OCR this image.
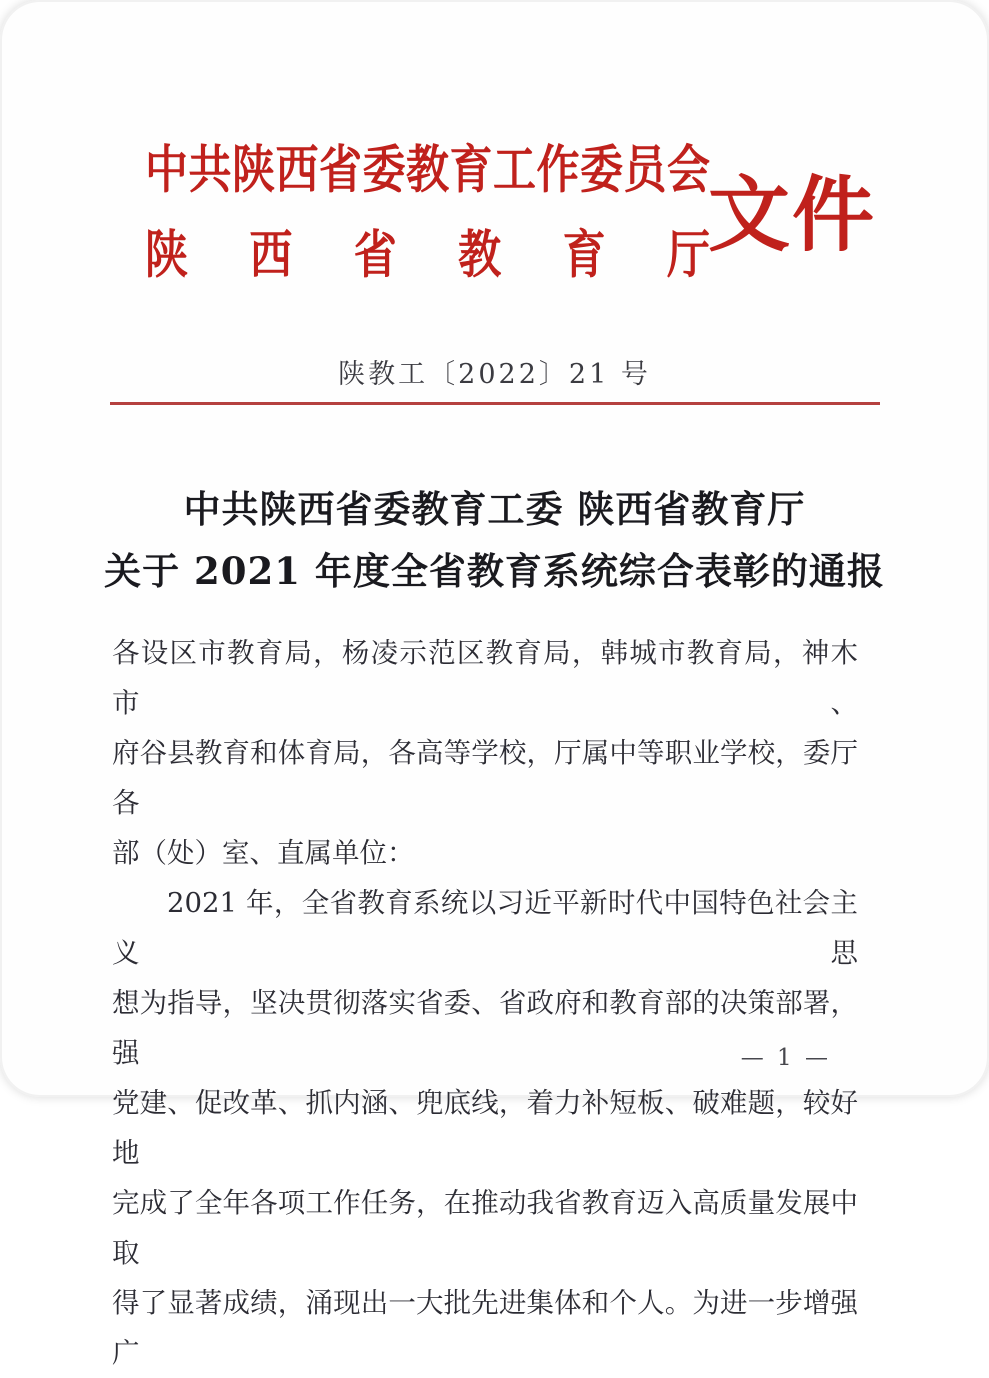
中 共 陕 西 省 委 教 育 工 作 委 员 会
陕 西 省 教 育 厅
文件
陕教工〔2022〕21 号
中共陕西省委教育工委 陕西省教育厅
关于 2021 年度全省教育系统综合表彰的通报
各设区市教育局，杨凌示范区教育局，韩城市教育局，神木市、
府谷县教育和体育局，各高等学校，厅属中等职业学校，委厅各
部（处）室、直属单位：
2021 年，全省教育系统以习近平新时代中国特色社会主义思
想为指导，坚决贯彻落实省委、省政府和教育部的决策部署，强
党建、促改革、抓内涵、兜底线，着力补短板、破难题，较好地
完成了全年各项工作任务，在推动我省教育迈入高质量发展中取
得了显著成绩，涌现出一大批先进集体和个人。为进一步增强广
— 1 —
